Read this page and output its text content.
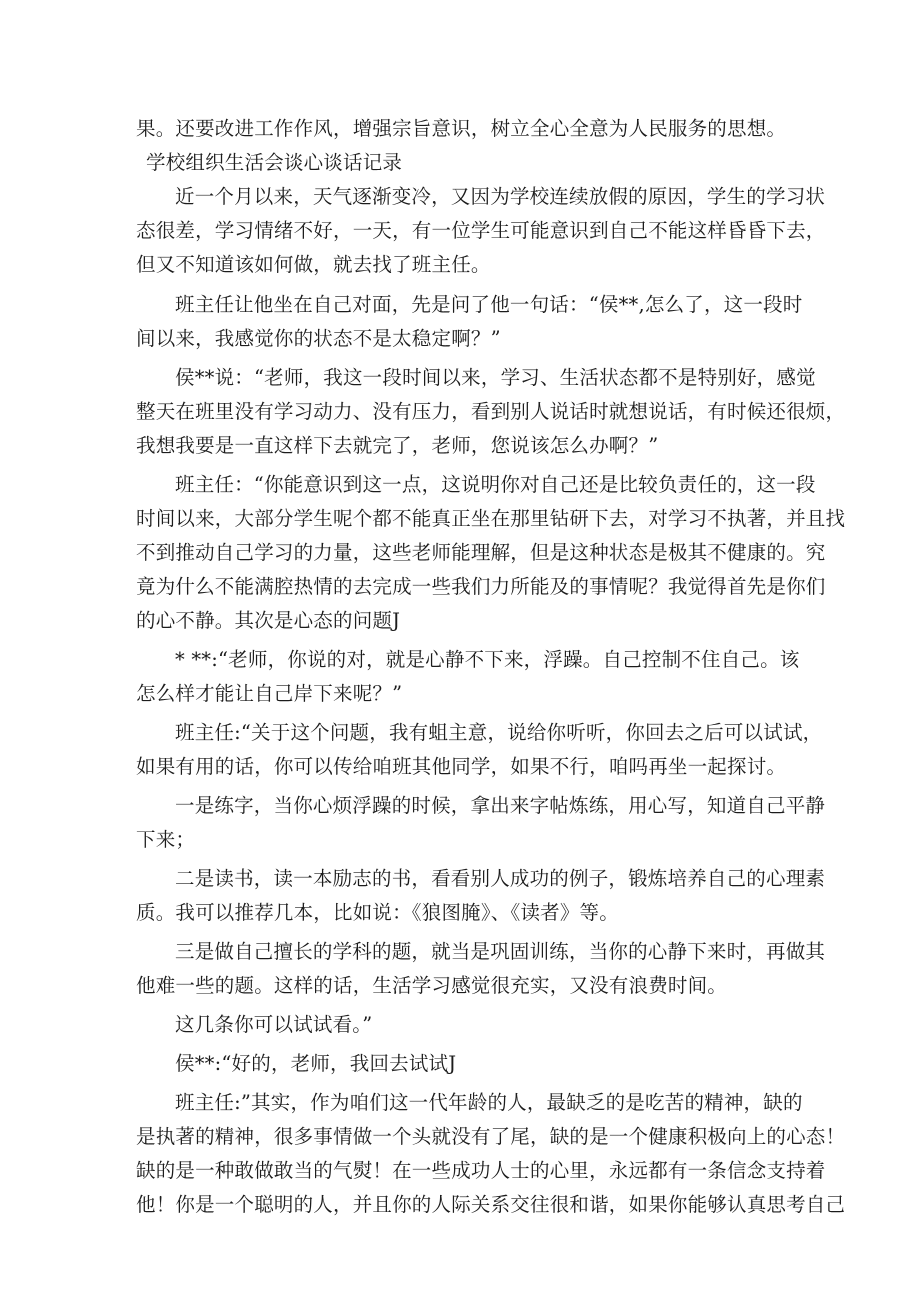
果。还要改进工作作风，增强宗旨意识，树立全心全意为人民服务的思想。
学校组织生活会谈心谈话记录
近一个月以来，天气逐渐变冷，又因为学校连续放假的原因，学生的学习状
态很差，学习情绪不好，一天，有一位学生可能意识到自己不能这样昏昏下去，
但又不知道该如何做，就去找了班主任。
班主任让他坐在自己对面，先是问了他一句话：“侯**,怎么了，这一段时
间以来，我感觉你的状态不是太稳定啊？”
侯**说：“老师，我这一段时间以来，学习、生活状态都不是特别好，感觉
整天在班里没有学习动力、没有压力，看到别人说话时就想说话，有时候还很烦，
我想我要是一直这样下去就完了，老师，您说该怎么办啊？”
班主任：“你能意识到这一点，这说明你对自己还是比较负责任的，这一段
时间以来，大部分学生呢个都不能真正坐在那里钻研下去，对学习不执著，并且找
不到推动自己学习的力量，这些老师能理解，但是这种状态是极其不健康的。究
竟为什么不能满腔热情的去完成一些我们力所能及的事情呢？我觉得首先是你们
的心不静。其次是心态的问题J
* **:“老师，你说的对，就是心静不下来，浮躁。自己控制不住自己。该
怎么样才能让自己岸下来呢？”
班主任:“关于这个问题，我有蛆主意，说给你听听，你回去之后可以试试，
如果有用的话，你可以传给咱班其他同学，如果不行，咱吗再坐一起探讨。
一是练字，当你心烦浮躁的时候，拿出来字帖炼练，用心写，知道自己平静
下来；
二是读书，读一本励志的书，看看别人成功的例子，锻炼培养自己的心理素
质。我可以推荐几本，比如说：《狼图腌》、《读者》等。
三是做自己擅长的学科的题，就当是巩固训练，当你的心静下来时，再做其
他难一些的题。这样的话，生活学习感觉很充实，又没有浪费时间。
这几条你可以试试看。”
侯**:“好的，老师，我回去试试J
班主任:”其实，作为咱们这一代年龄的人，最缺乏的是吃苦的精神，缺的
是执著的精神，很多事情做一个头就没有了尾，缺的是一个健康积极向上的心态！
缺的是一种敢做敢当的气熨！在一些成功人士的心里，永远都有一条信念支持着
他！你是一个聪明的人，并且你的人际关系交往很和谐，如果你能够认真思考自己
